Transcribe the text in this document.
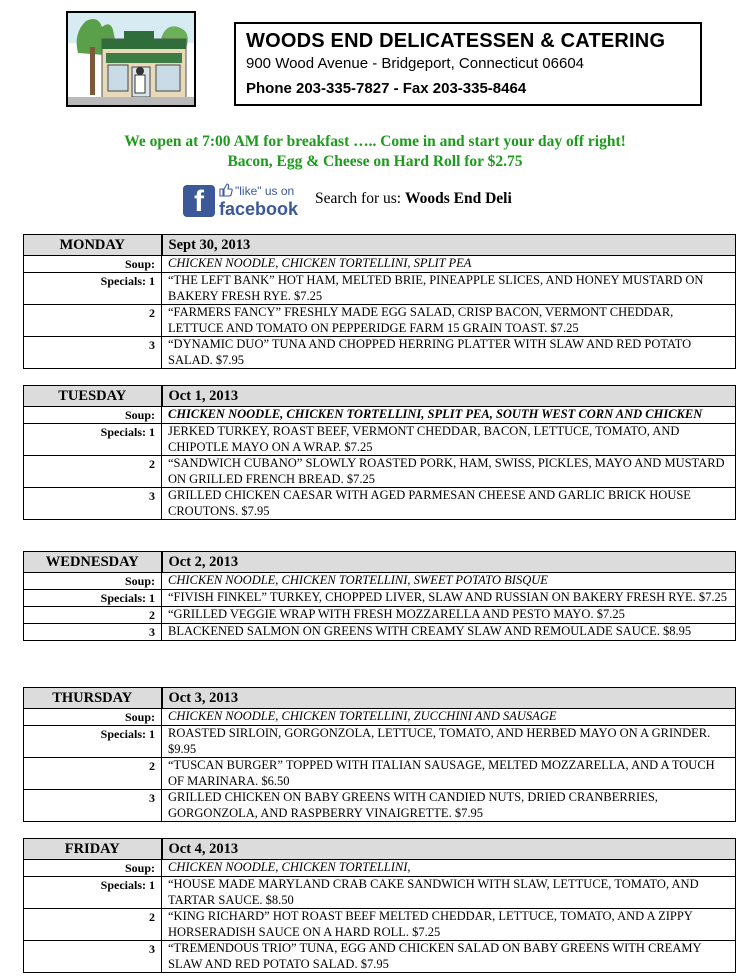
WOODS END DELICATESSEN & CATERING
900 Wood Avenue - Bridgeport, Connecticut 06604
Phone 203-335-7827 - Fax 203-335-8464
We open at 7:00 AM for breakfast ….. Come in and start your day off right!
Bacon, Egg & Cheese on Hard Roll for $2.75
f	"like" us on
facebook
Search for us: Woods End Deli
MONDAY	Sept 30, 2013
Soup:	CHICKEN NOODLE, CHICKEN TORTELLINI, SPLIT PEA
Specials: 1	“THE LEFT BANK” HOT HAM, MELTED BRIE, PINEAPPLE SLICES, AND HONEY MUSTARD ON BAKERY FRESH RYE. $7.25
2	“FARMERS FANCY” FRESHLY MADE EGG SALAD, CRISP BACON, VERMONT CHEDDAR, LETTUCE AND TOMATO ON PEPPERIDGE FARM 15 GRAIN TOAST. $7.25
3	“DYNAMIC DUO” TUNA AND CHOPPED HERRING PLATTER WITH SLAW AND RED POTATO SALAD. $7.95
TUESDAY	Oct 1, 2013
Soup:	CHICKEN NOODLE, CHICKEN TORTELLINI, SPLIT PEA, SOUTH WEST CORN AND CHICKEN
Specials: 1	JERKED TURKEY, ROAST BEEF, VERMONT CHEDDAR, BACON, LETTUCE, TOMATO, AND CHIPOTLE MAYO ON A WRAP. $7.25
2	“SANDWICH CUBANO” SLOWLY ROASTED PORK, HAM, SWISS, PICKLES, MAYO AND MUSTARD ON GRILLED FRENCH BREAD. $7.25
3	GRILLED CHICKEN CAESAR WITH AGED PARMESAN CHEESE AND GARLIC BRICK HOUSE CROUTONS. $7.95
WEDNESDAY	Oct 2, 2013
Soup:	CHICKEN NOODLE, CHICKEN TORTELLINI, SWEET POTATO BISQUE
Specials: 1	“FIVISH FINKEL” TURKEY, CHOPPED LIVER, SLAW AND RUSSIAN ON BAKERY FRESH RYE. $7.25
2	“GRILLED VEGGIE WRAP WITH FRESH MOZZARELLA AND PESTO MAYO. $7.25
3	BLACKENED SALMON ON GREENS WITH CREAMY SLAW AND REMOULADE SAUCE. $8.95
THURSDAY	Oct 3, 2013
Soup:	CHICKEN NOODLE, CHICKEN TORTELLINI, ZUCCHINI AND SAUSAGE
Specials: 1	ROASTED SIRLOIN, GORGONZOLA, LETTUCE, TOMATO, AND HERBED MAYO ON A GRINDER. $9.95
2	“TUSCAN BURGER” TOPPED WITH ITALIAN SAUSAGE, MELTED MOZZARELLA, AND A TOUCH OF MARINARA. $6.50
3	GRILLED CHICKEN ON BABY GREENS WITH CANDIED NUTS, DRIED CRANBERRIES, GORGONZOLA, AND RASPBERRY VINAIGRETTE. $7.95
FRIDAY	Oct 4, 2013
Soup:	CHICKEN NOODLE, CHICKEN TORTELLINI,
Specials: 1	“HOUSE MADE MARYLAND CRAB CAKE SANDWICH WITH SLAW, LETTUCE, TOMATO, AND TARTAR SAUCE. $8.50
2	“KING RICHARD” HOT ROAST BEEF MELTED CHEDDAR, LETTUCE, TOMATO, AND A ZIPPY HORSERADISH SAUCE ON A HARD ROLL. $7.25
3	“TREMENDOUS TRIO” TUNA, EGG AND CHICKEN SALAD ON BABY GREENS WITH CREAMY SLAW AND RED POTATO SALAD. $7.95
